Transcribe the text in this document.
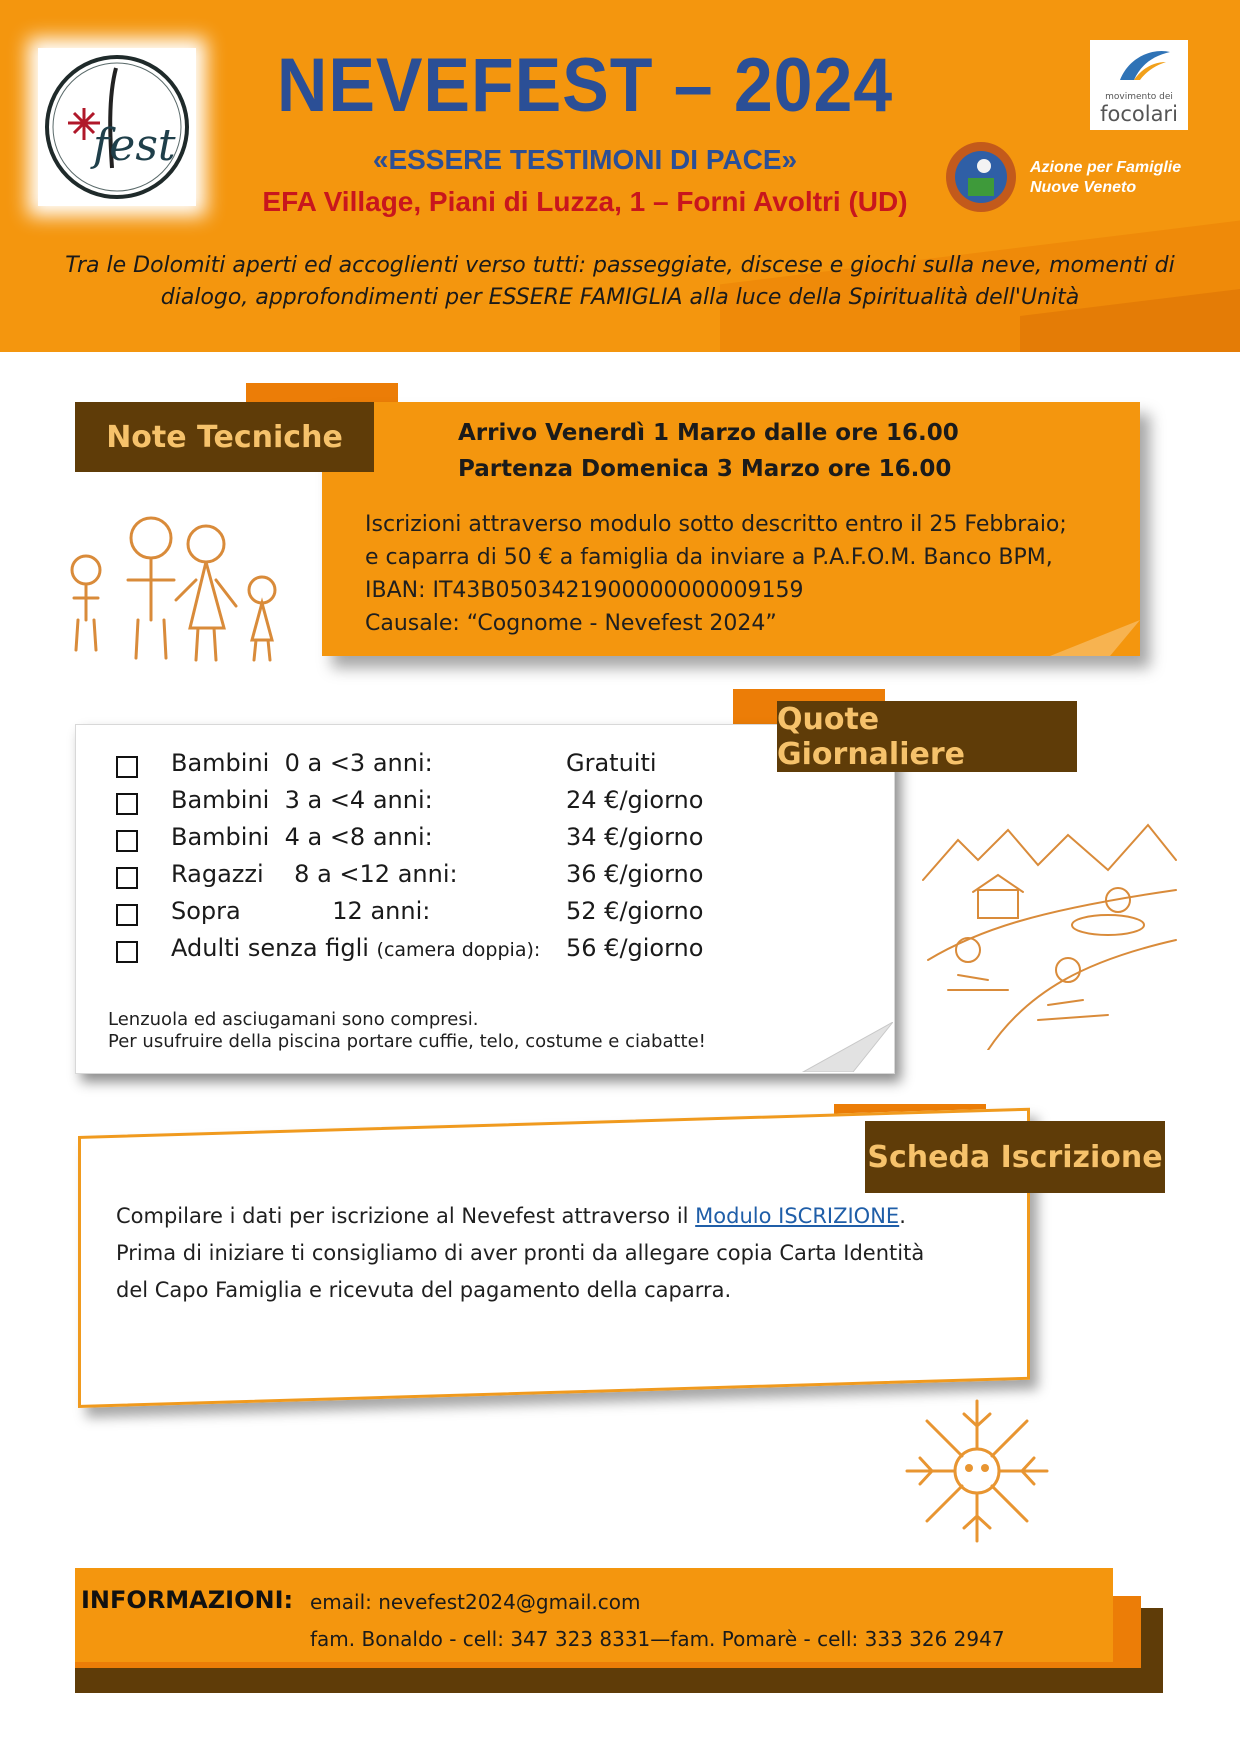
fest
movimento dei
focolari
Azione per Famiglie
Nuove Veneto
NEVEFEST – 2024
«ESSERE TESTIMONI DI PACE»
EFA Village, Piani di Luzza, 1 – Forni Avoltri (UD)
Tra le Dolomiti aperti ed accoglienti verso tutti: passeggiate, discese e giochi sulla neve, momenti di dialogo, approfondimenti per ESSERE FAMIGLIA alla luce della Spiritualità dell'Unità
Note Tecniche	Arrivo Venerdì 1 Marzo dalle ore 16.00
Partenza Domenica 3 Marzo ore 16.00
Iscrizioni attraverso modulo sotto descritto entro il 25 Febbraio;
e caparra di 50 € a famiglia da inviare a P.A.F.O.M. Banco BPM,
IBAN: IT43B0503421900000000009159
Causale: “Cognome - Nevefest 2024”
Bambini  0 a <3 anni:	Gratuiti
Bambini  3 a <4 anni:	24 €/giorno
Bambini  4 a <8 anni:	34 €/giorno
Ragazzi    8 a <12 anni:	36 €/giorno
Sopra            12 anni:	52 €/giorno
Adulti senza figli (camera doppia): 56 €/giorno
Lenzuola ed asciugamani sono compresi.
Per usufruire della piscina portare cuffie, telo, costume e ciabatte!
Quote Giornaliere
Scheda Iscrizione
Compilare i dati per iscrizione al Nevefest attraverso il Modulo ISCRIZIONE.
Prima di iniziare ti consigliamo di aver pronti da allegare copia Carta Identità
del Capo Famiglia e ricevuta del pagamento della caparra.
INFORMAZIONI: email: nevefest2024@gmail.com
fam. Bonaldo - cell: 347 323 8331—fam. Pomarè - cell: 333 326 2947
